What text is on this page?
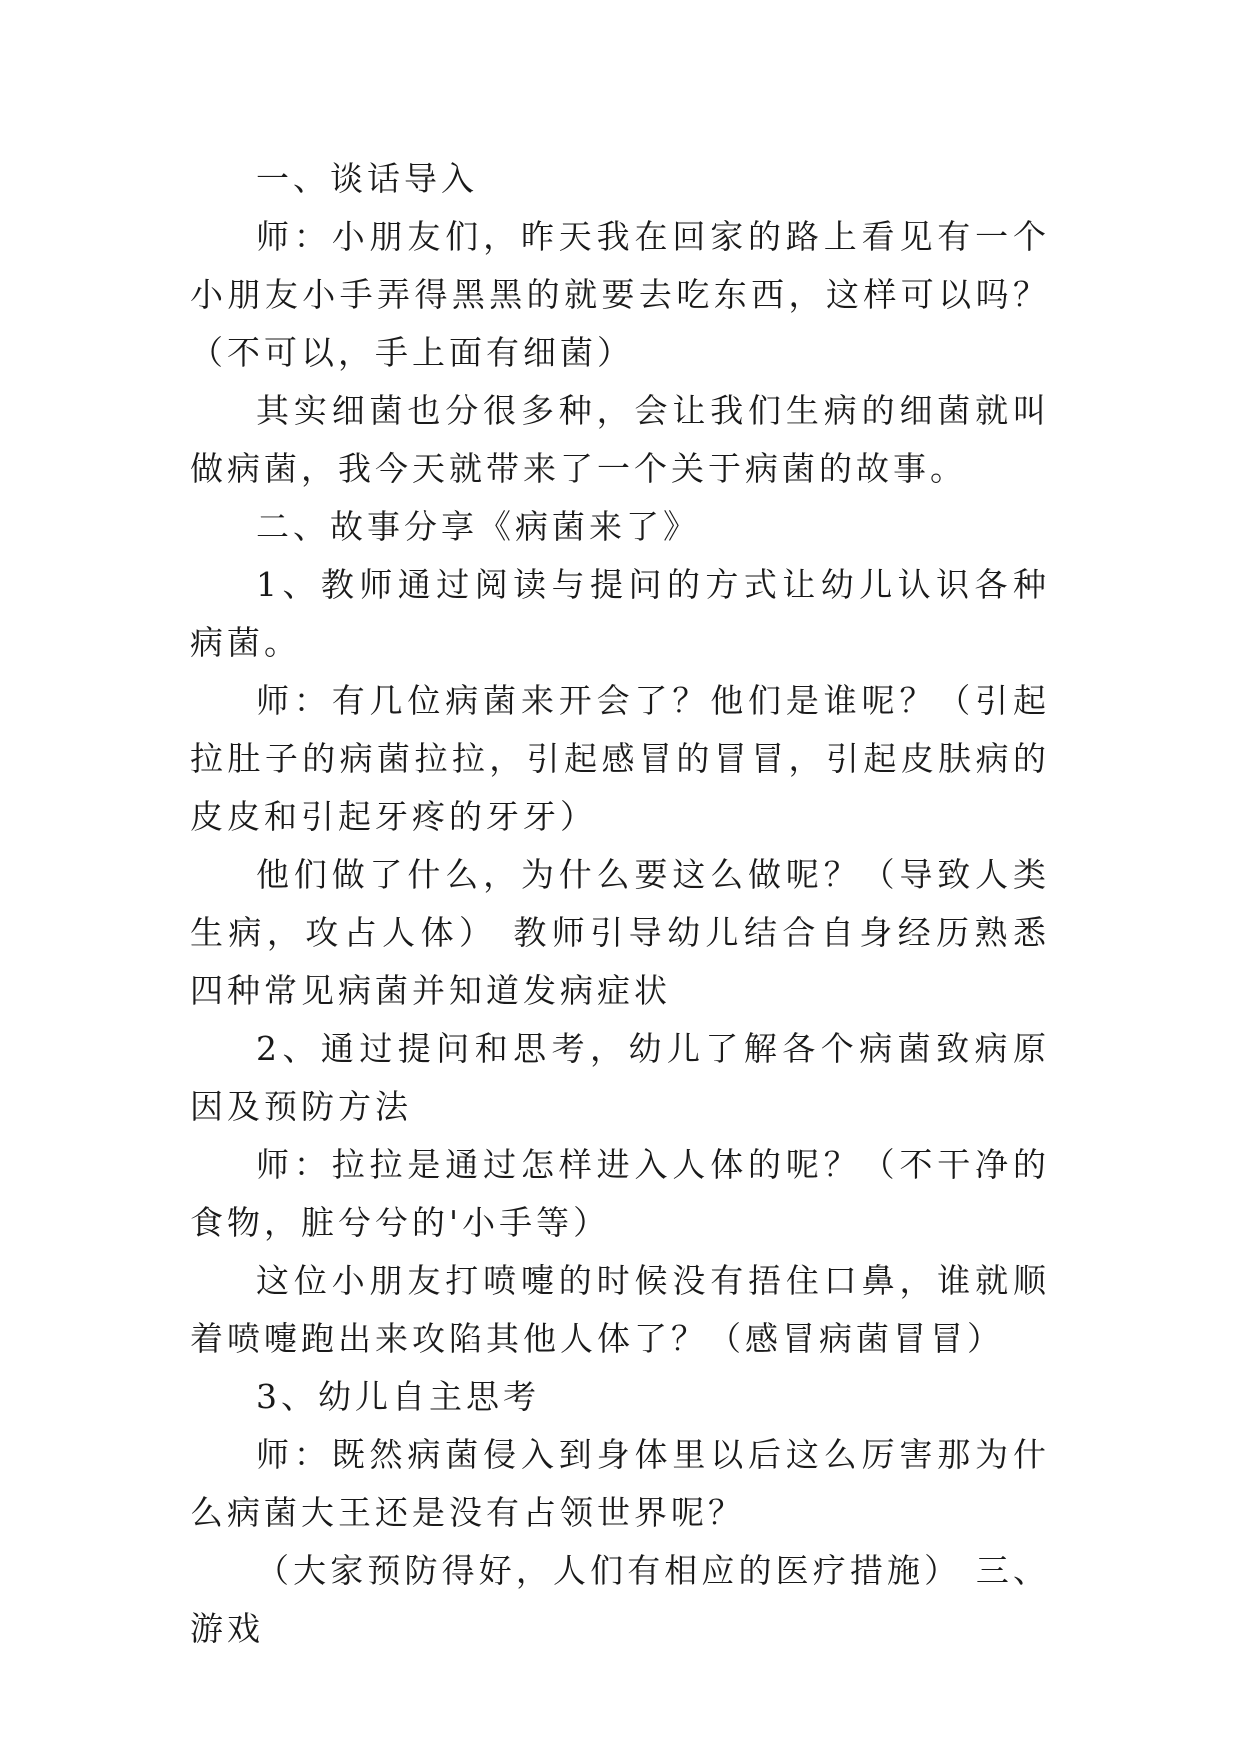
一、谈话导入

师：小朋友们，昨天我在回家的路上看见有一个小朋友小手弄得黑黑的就要去吃东西，这样可以吗？（不可以，手上面有细菌）

其实细菌也分很多种，会让我们生病的细菌就叫做病菌，我今天就带来了一个关于病菌的故事。

二、故事分享《病菌来了》

1、教师通过阅读与提问的方式让幼儿认识各种病菌。

师：有几位病菌来开会了？他们是谁呢？（引起拉肚子的病菌拉拉，引起感冒的冒冒，引起皮肤病的皮皮和引起牙疼的牙牙）

他们做了什么，为什么要这么做呢？（导致人类生病，攻占人体） 教师引导幼儿结合自身经历熟悉四种常见病菌并知道发病症状

2、通过提问和思考，幼儿了解各个病菌致病原因及预防方法

师：拉拉是通过怎样进入人体的呢？（不干净的食物，脏兮兮的'小手等）

这位小朋友打喷嚏的时候没有捂住口鼻，谁就顺着喷嚏跑出来攻陷其他人体了？（感冒病菌冒冒）

3、幼儿自主思考

师：既然病菌侵入到身体里以后这么厉害那为什么病菌大王还是没有占领世界呢？

（大家预防得好，人们有相应的医疗措施） 三、游戏
